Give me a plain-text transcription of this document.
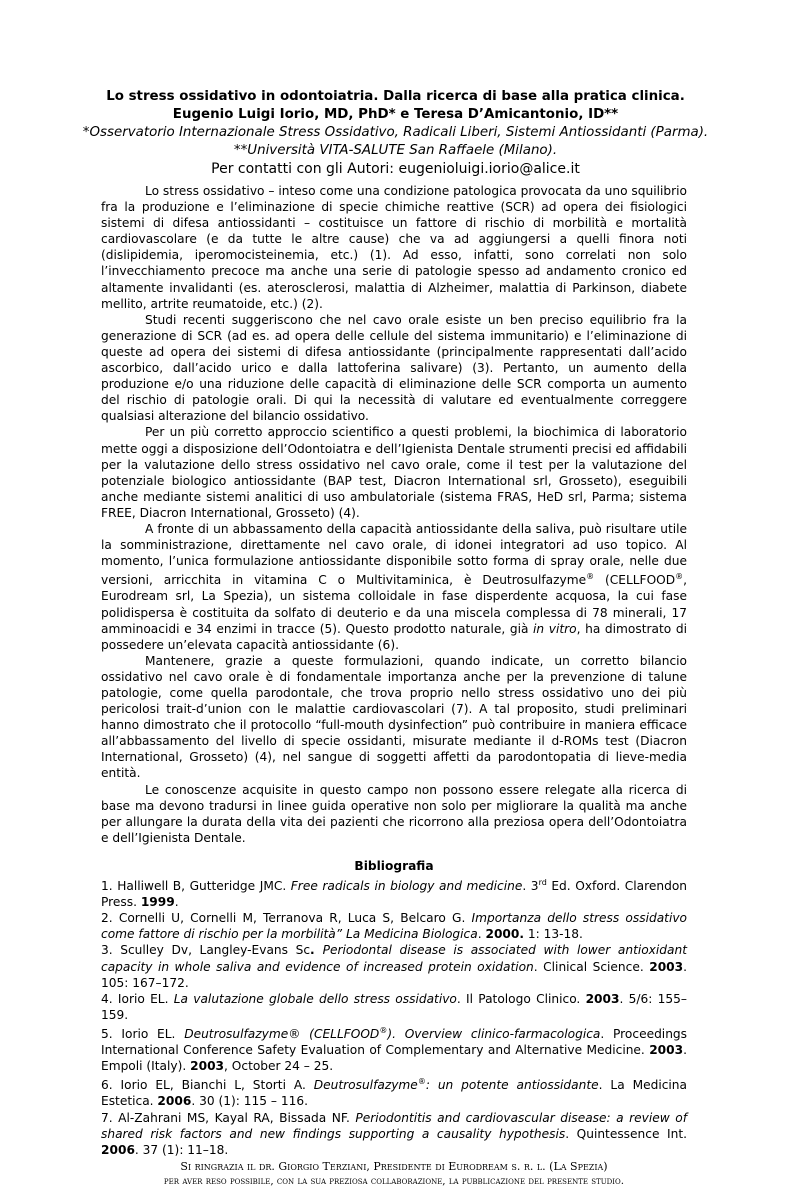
Lo stress ossidativo in odontoiatria. Dalla ricerca di base alla pratica clinica.

Eugenio Luigi Iorio, MD, PhD* e Teresa D’Amicantonio, ID**

*Osservatorio Internazionale Stress Ossidativo, Radicali Liberi, Sistemi Antiossidanti (Parma).

**Università VITA-SALUTE San Raffaele (Milano).

Per contatti con gli Autori: eugenioluigi.iorio@alice.it

Lo stress ossidativo – inteso come una condizione patologica provocata da uno squilibrio fra la produzione e l’eliminazione di specie chimiche reattive (SCR) ad opera dei fisiologici sistemi di difesa antiossidanti – costituisce un fattore di rischio di morbilità e mortalità cardiovascolare (e da tutte le altre cause) che va ad aggiungersi a quelli finora noti (dislipidemia, iperomocisteinemia, etc.) (1). Ad esso, infatti, sono correlati non solo l’invecchiamento precoce ma anche una serie di patologie spesso ad andamento cronico ed altamente invalidanti (es. aterosclerosi, malattia di Alzheimer, malattia di Parkinson, diabete mellito, artrite reumatoide, etc.) (2).

Studi recenti suggeriscono che nel cavo orale esiste un ben preciso equilibrio fra la generazione di SCR (ad es. ad opera delle cellule del sistema immunitario) e l’eliminazione di queste ad opera dei sistemi di difesa antiossidante (principalmente rappresentati dall’acido ascorbico, dall’acido urico e dalla lattoferina salivare) (3). Pertanto, un aumento della produzione e/o una riduzione delle capacità di eliminazione delle SCR comporta un aumento del rischio di patologie orali. Di qui la necessità di valutare ed eventualmente correggere qualsiasi alterazione del bilancio ossidativo.

Per un più corretto approccio scientifico a questi problemi, la biochimica di laboratorio mette oggi a disposizione dell’Odontoiatra e dell’Igienista Dentale strumenti precisi ed affidabili per la valutazione dello stress ossidativo nel cavo orale, come il test per la valutazione del potenziale biologico antiossidante (BAP test, Diacron International srl, Grosseto), eseguibili anche mediante sistemi analitici di uso ambulatoriale (sistema FRAS, HeD srl, Parma; sistema FREE, Diacron International, Grosseto) (4).

A fronte di un abbassamento della capacità antiossidante della saliva, può risultare utile la somministrazione, direttamente nel cavo orale, di idonei integratori ad uso topico. Al momento, l’unica formulazione antiossidante disponibile sotto forma di spray orale, nelle due versioni, arricchita in vitamina C o Multivitaminica, è Deutrosulfazyme® (CELLFOOD®, Eurodream srl, La Spezia), un sistema colloidale in fase disperdente acquosa, la cui fase polidispersa è costituita da solfato di deuterio e da una miscela complessa di 78 minerali, 17 amminoacidi e 34 enzimi in tracce (5). Questo prodotto naturale, già in vitro, ha dimostrato di possedere un’elevata capacità antiossidante (6).

Mantenere, grazie a queste formulazioni, quando indicate, un corretto bilancio ossidativo nel cavo orale è di fondamentale importanza anche per la prevenzione di talune patologie, come quella parodontale, che trova proprio nello stress ossidativo uno dei più pericolosi trait-d’union con le malattie cardiovascolari (7). A tal proposito, studi preliminari hanno dimostrato che il protocollo “full-mouth dysinfection” può contribuire in maniera efficace all’abbassamento del livello di specie ossidanti, misurate mediante il d-ROMs test (Diacron International, Grosseto) (4), nel sangue di soggetti affetti da parodontopatia di lieve-media entità.

Le conoscenze acquisite in questo campo non possono essere relegate alla ricerca di base ma devono tradursi in linee guida operative non solo per migliorare la qualità ma anche per allungare la durata della vita dei pazienti che ricorrono alla preziosa opera dell’Odontoiatra e dell’Igienista Dentale.

Bibliografia

1. Halliwell B, Gutteridge JMC. Free radicals in biology and medicine. 3rd Ed. Oxford. Clarendon Press. 1999.

2. Cornelli U, Cornelli M, Terranova R, Luca S, Belcaro G. Importanza dello stress ossidativo come fattore di rischio per la morbilità” La Medicina Biologica. 2000. 1: 13-18.

3. Sculley Dv, Langley-Evans Sc. Periodontal disease is associated with lower antioxidant capacity in whole saliva and evidence of increased protein oxidation. Clinical Science. 2003. 105: 167–172.

4. Iorio EL. La valutazione globale dello stress ossidativo. Il Patologo Clinico. 2003. 5/6: 155–159.

5. Iorio EL. Deutrosulfazyme® (CELLFOOD®). Overview clinico-farmacologica. Proceedings International Conference Safety Evaluation of Complementary and Alternative Medicine. 2003. Empoli (Italy). 2003, October 24 – 25.

6. Iorio EL, Bianchi L, Storti A. Deutrosulfazyme®: un potente antiossidante. La Medicina Estetica. 2006. 30 (1): 115 – 116.

7. Al-Zahrani MS, Kayal RA, Bissada NF. Periodontitis and cardiovascular disease: a review of shared risk factors and new findings supporting a causality hypothesis. Quintessence Int. 2006. 37 (1): 11–18.

Si ringrazia il dr. Giorgio Terziani, Presidente di Eurodream s. r. l. (La Spezia)

per aver reso possibile, con la sua preziosa collaborazione, la pubblicazione del presente studio.
